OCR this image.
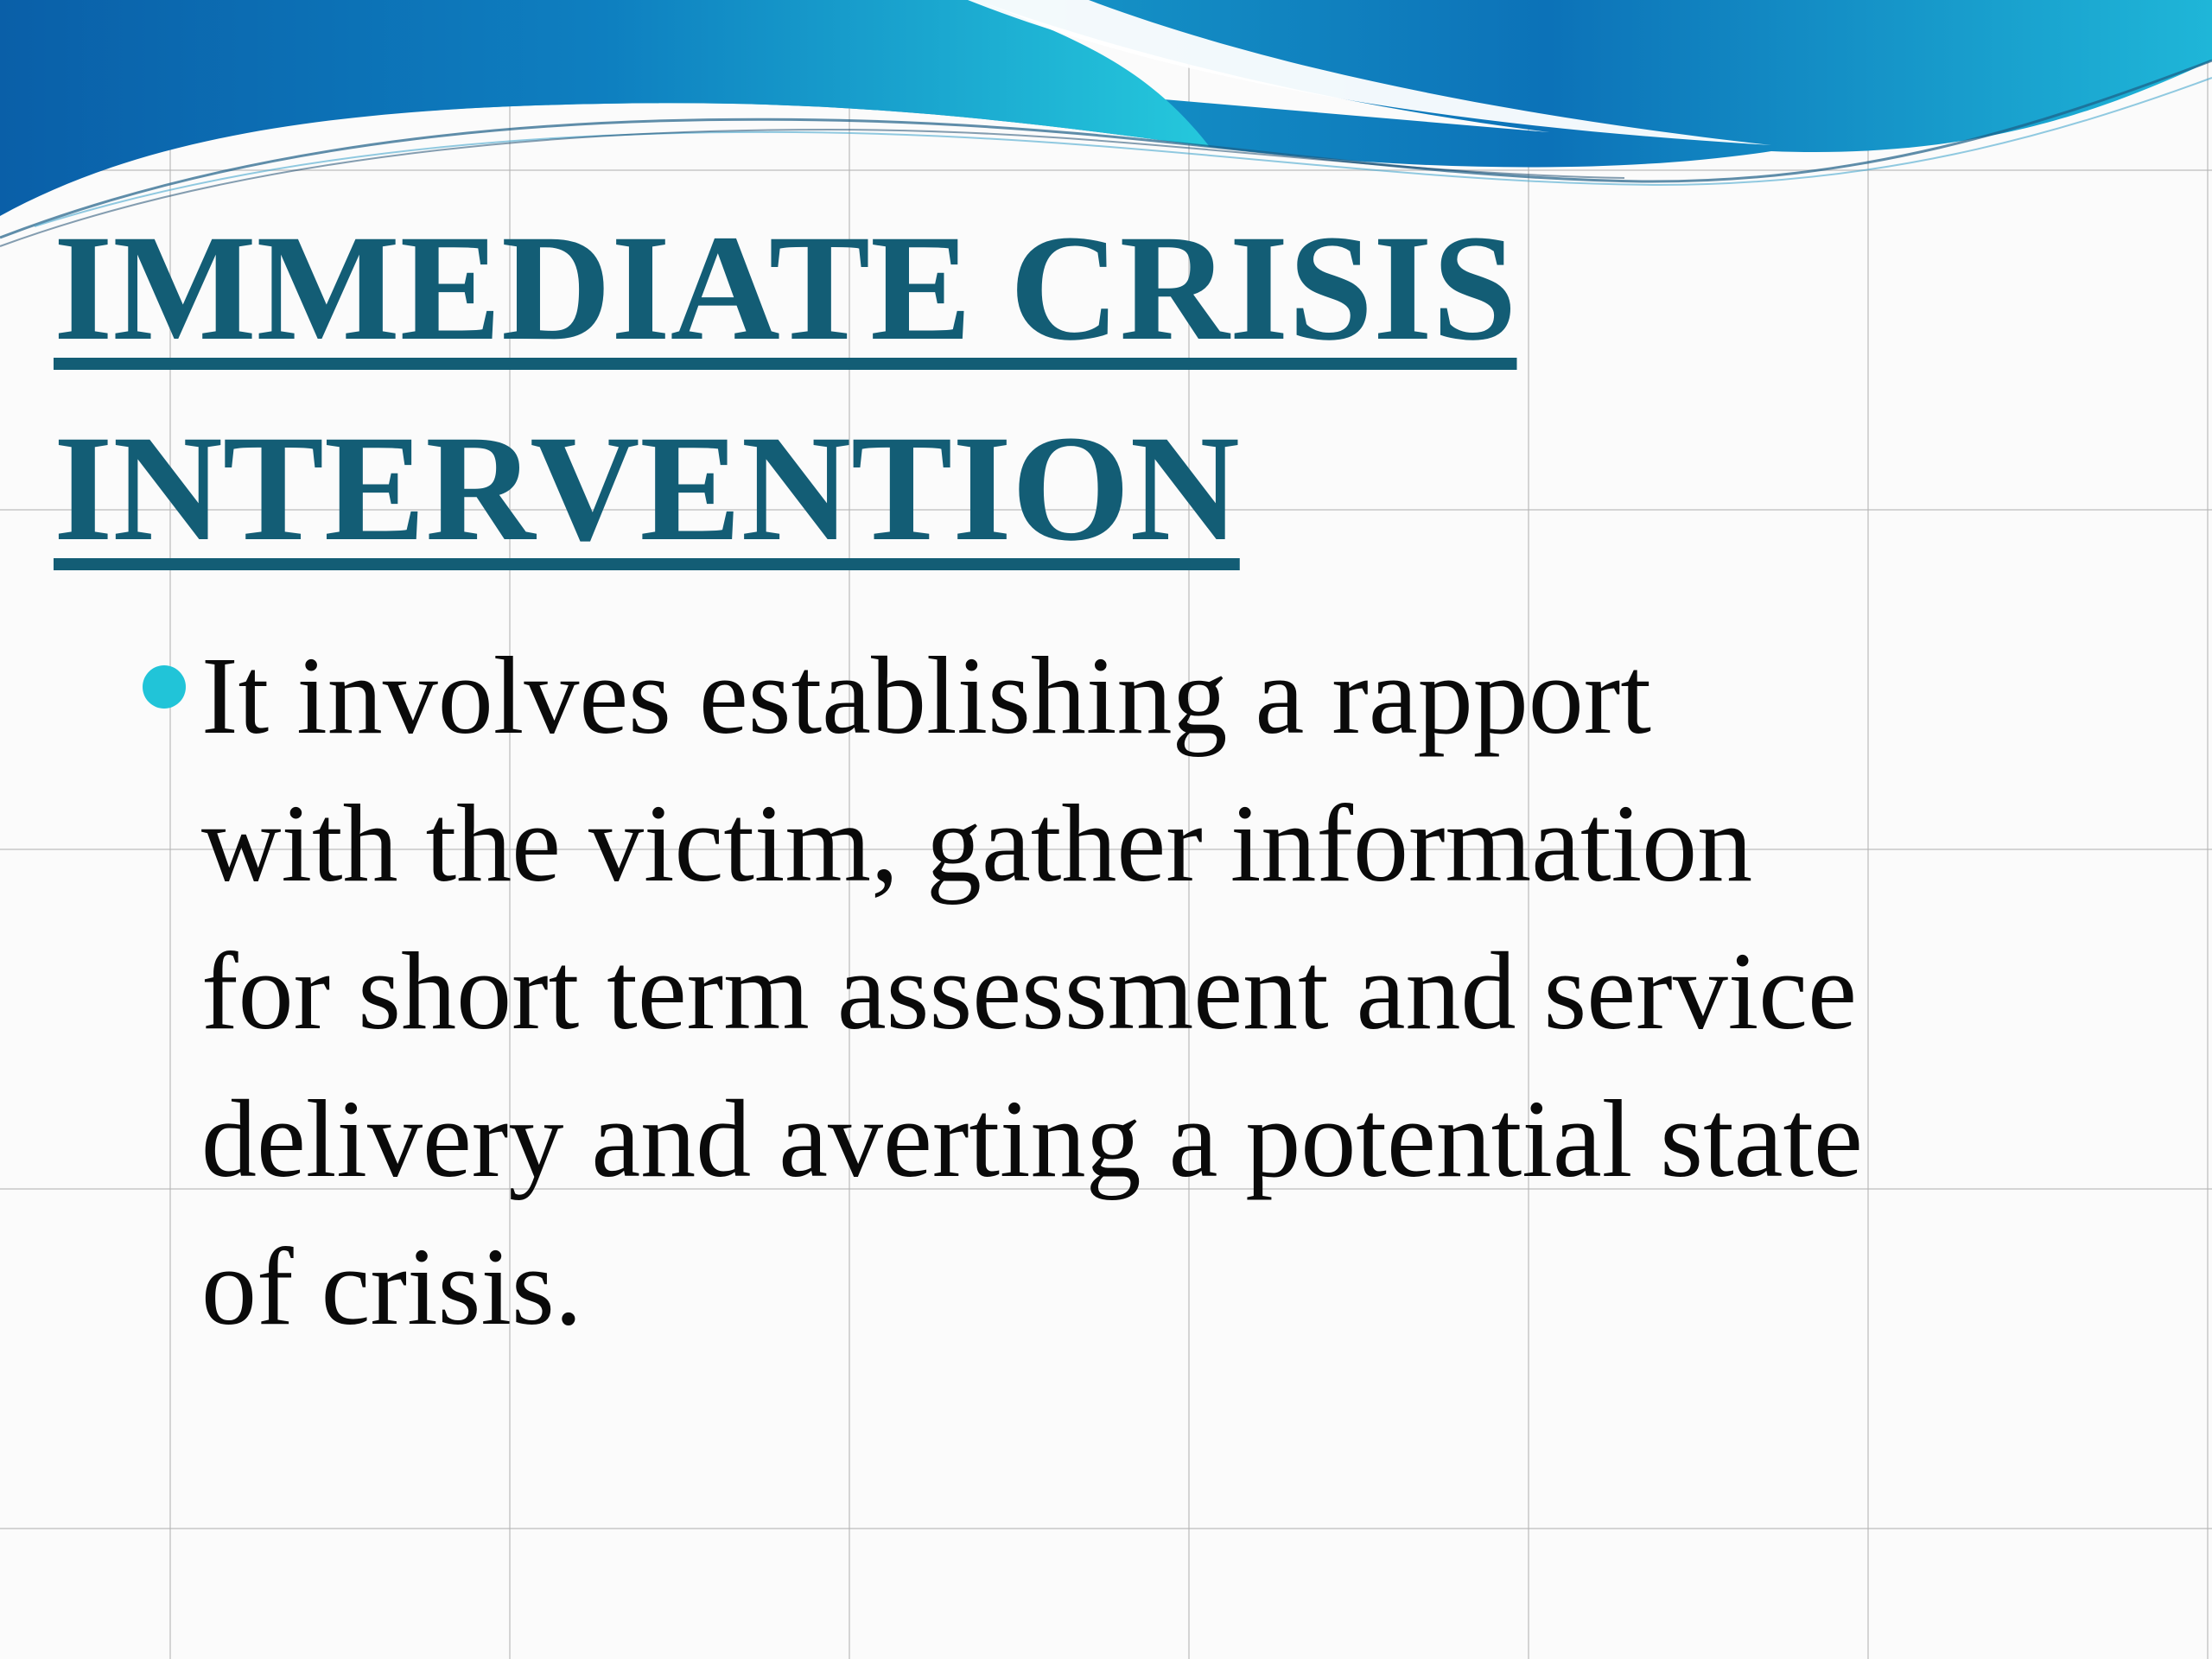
IMMEDIATE CRISIS
INTERVENTION
It involves establishing a rapport
with the victim, gather information
for short term assessment and service
delivery and averting a potential state
of crisis.
